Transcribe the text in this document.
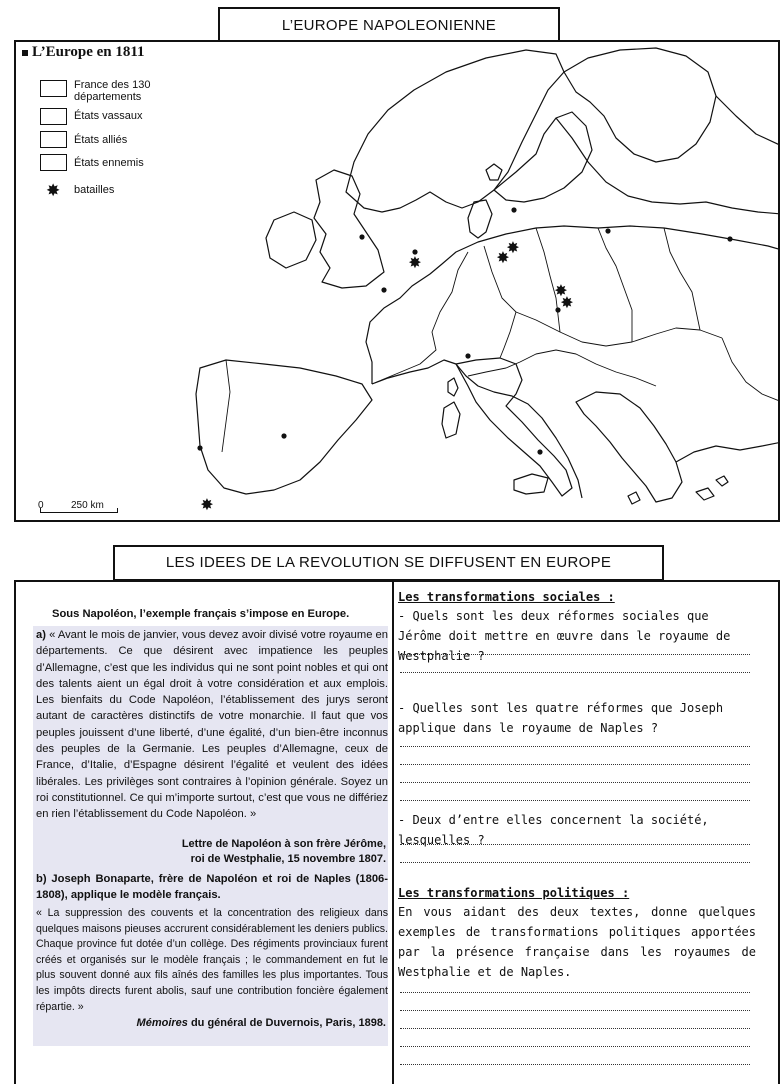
L’EUROPE NAPOLEONIENNE
✸	✸
✸
✸
✸
✸
L’Europe en 1811
France des 130 départements
États vassaux
États alliés
États ennemis
✸ batailles
0	250 km
LES IDEES DE LA REVOLUTION SE DIFFUSENT EN EUROPE
Sous Napoléon, l’exemple français s’impose en Europe.
a) « Avant le mois de janvier, vous devez avoir divisé votre royaume en départements. Ce que désirent avec impatience les peuples d’Allemagne, c’est que les individus qui ne sont point nobles et qui ont des talents aient un égal droit à votre considération et aux emplois. Les bienfaits du Code Napoléon, l’établissement des jurys seront autant de caractères distinctifs de votre monarchie. Il faut que vos peuples jouissent d’une liberté, d’une égalité, d’un bien-être inconnus des peuples de la Germanie. Les peuples d’Allemagne, ceux de France, d’Italie, d’Espagne désirent l’égalité et veulent des idées libérales. Les privilèges sont contraires à l’opinion générale. Soyez un roi constitutionnel. Ce qui m’importe surtout, c’est que vous ne différiez en rien l’établissement du Code Napoléon. »
Lettre de Napoléon à son frère Jérôme,
roi de Westphalie, 15 novembre 1807.
b) Joseph Bonaparte, frère de Napoléon et roi de Naples (1806-1808), applique le modèle français.
« La suppression des couvents et la concentration des religieux dans quelques maisons pieuses accrurent considérablement les deniers publics. Chaque province fut dotée d’un collège. Des régiments provinciaux furent créés et organisés sur le modèle français ; le commandement en fut le plus souvent donné aux fils aînés des familles les plus importantes. Tous les impôts directs furent abolis, sauf une contribution foncière également répartie. »
Mémoires du général de Duvernois, Paris, 1898.
Les transformations sociales :
- Quels sont les deux réformes sociales que Jérôme doit mettre en œuvre dans le royaume de Westphalie ?
- Quelles sont les quatre réformes que Joseph applique dans le royaume de Naples ?
- Deux d’entre elles concernent la société, lesquelles ?
Les transformations politiques :
En vous aidant des deux textes, donne quelques exemples de transformations politiques apportées par la présence française dans les royaumes de Westphalie et de Naples.
